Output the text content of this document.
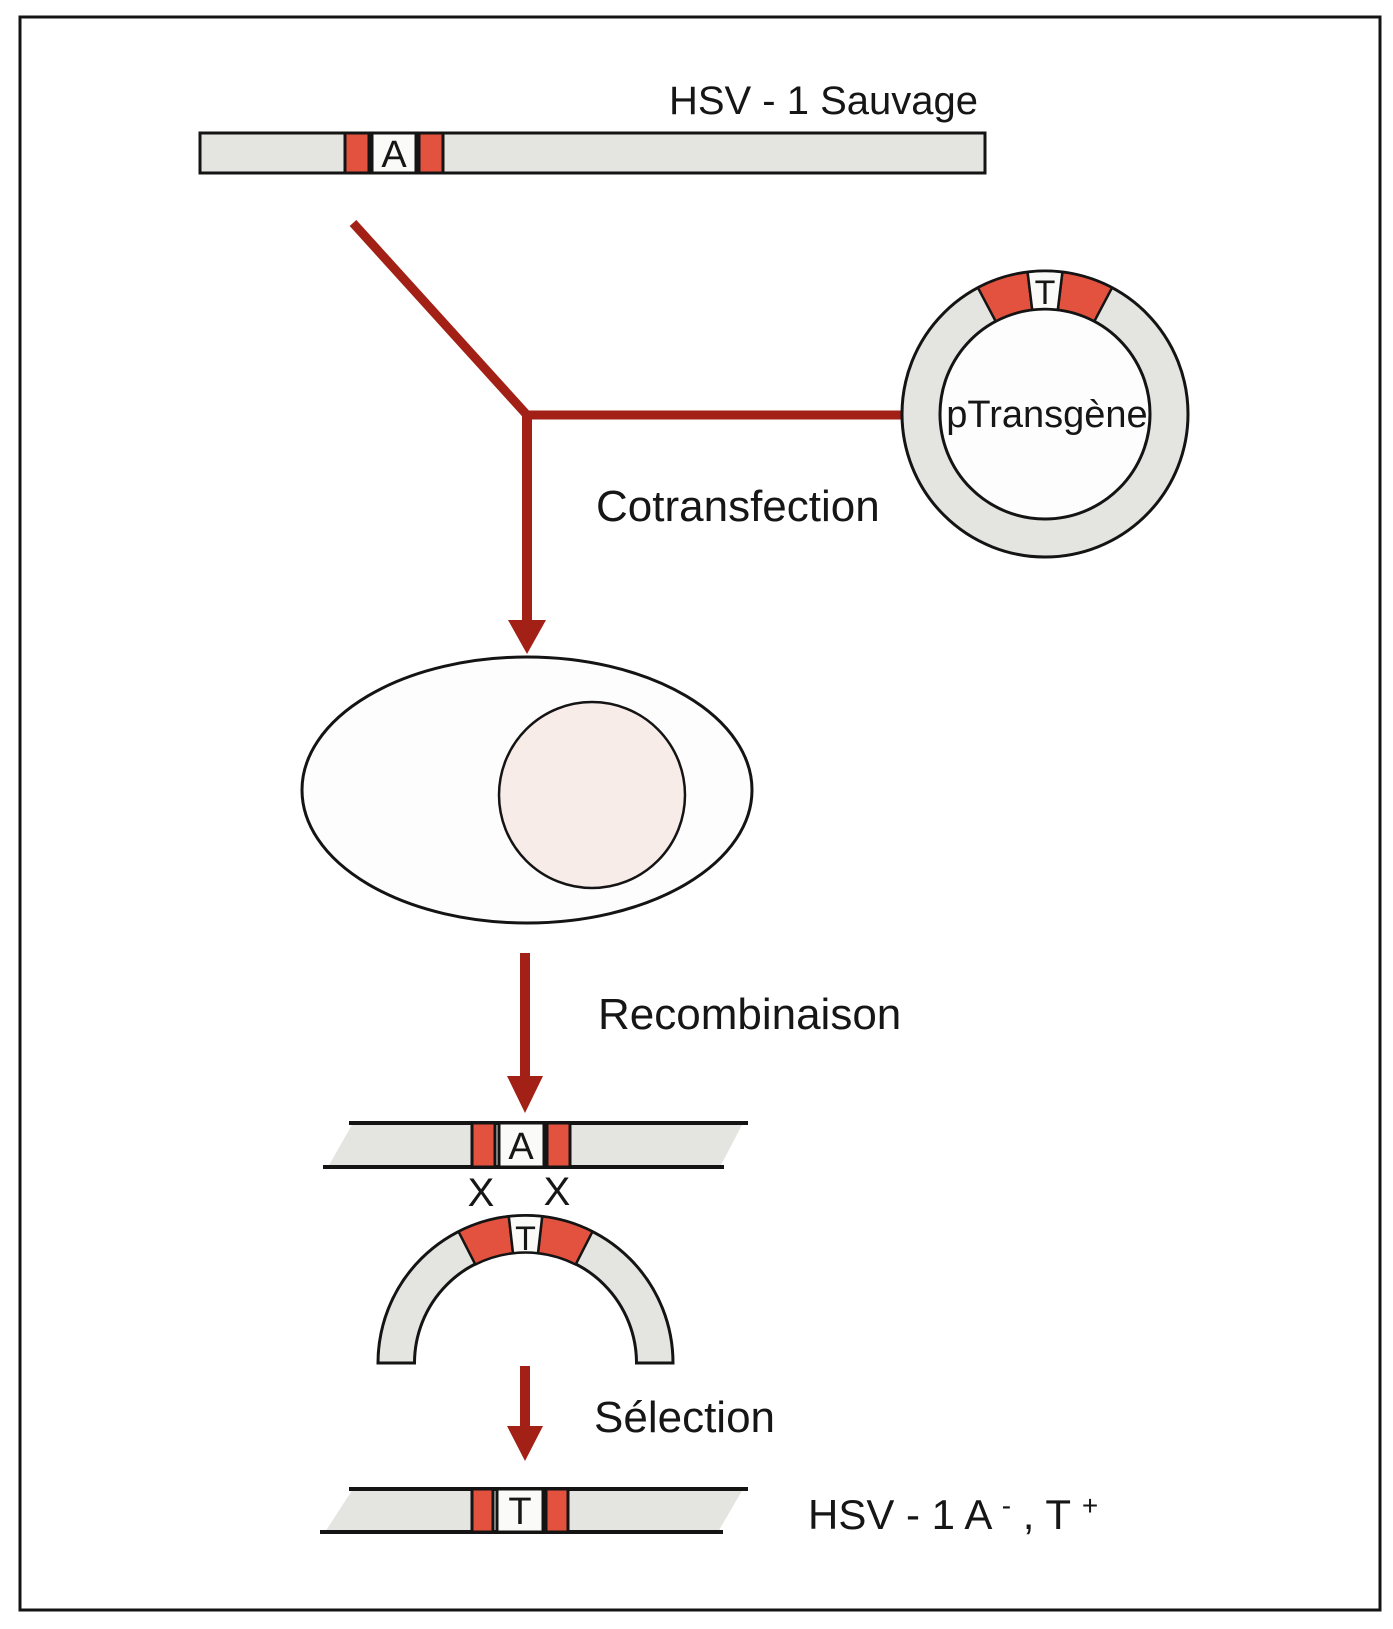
HSV - 1 Sauvage
A
Cotransfection
T
pTransgène
Recombinaison
A
X X
T
Sélection
T	HSV - 1 A - , T +
